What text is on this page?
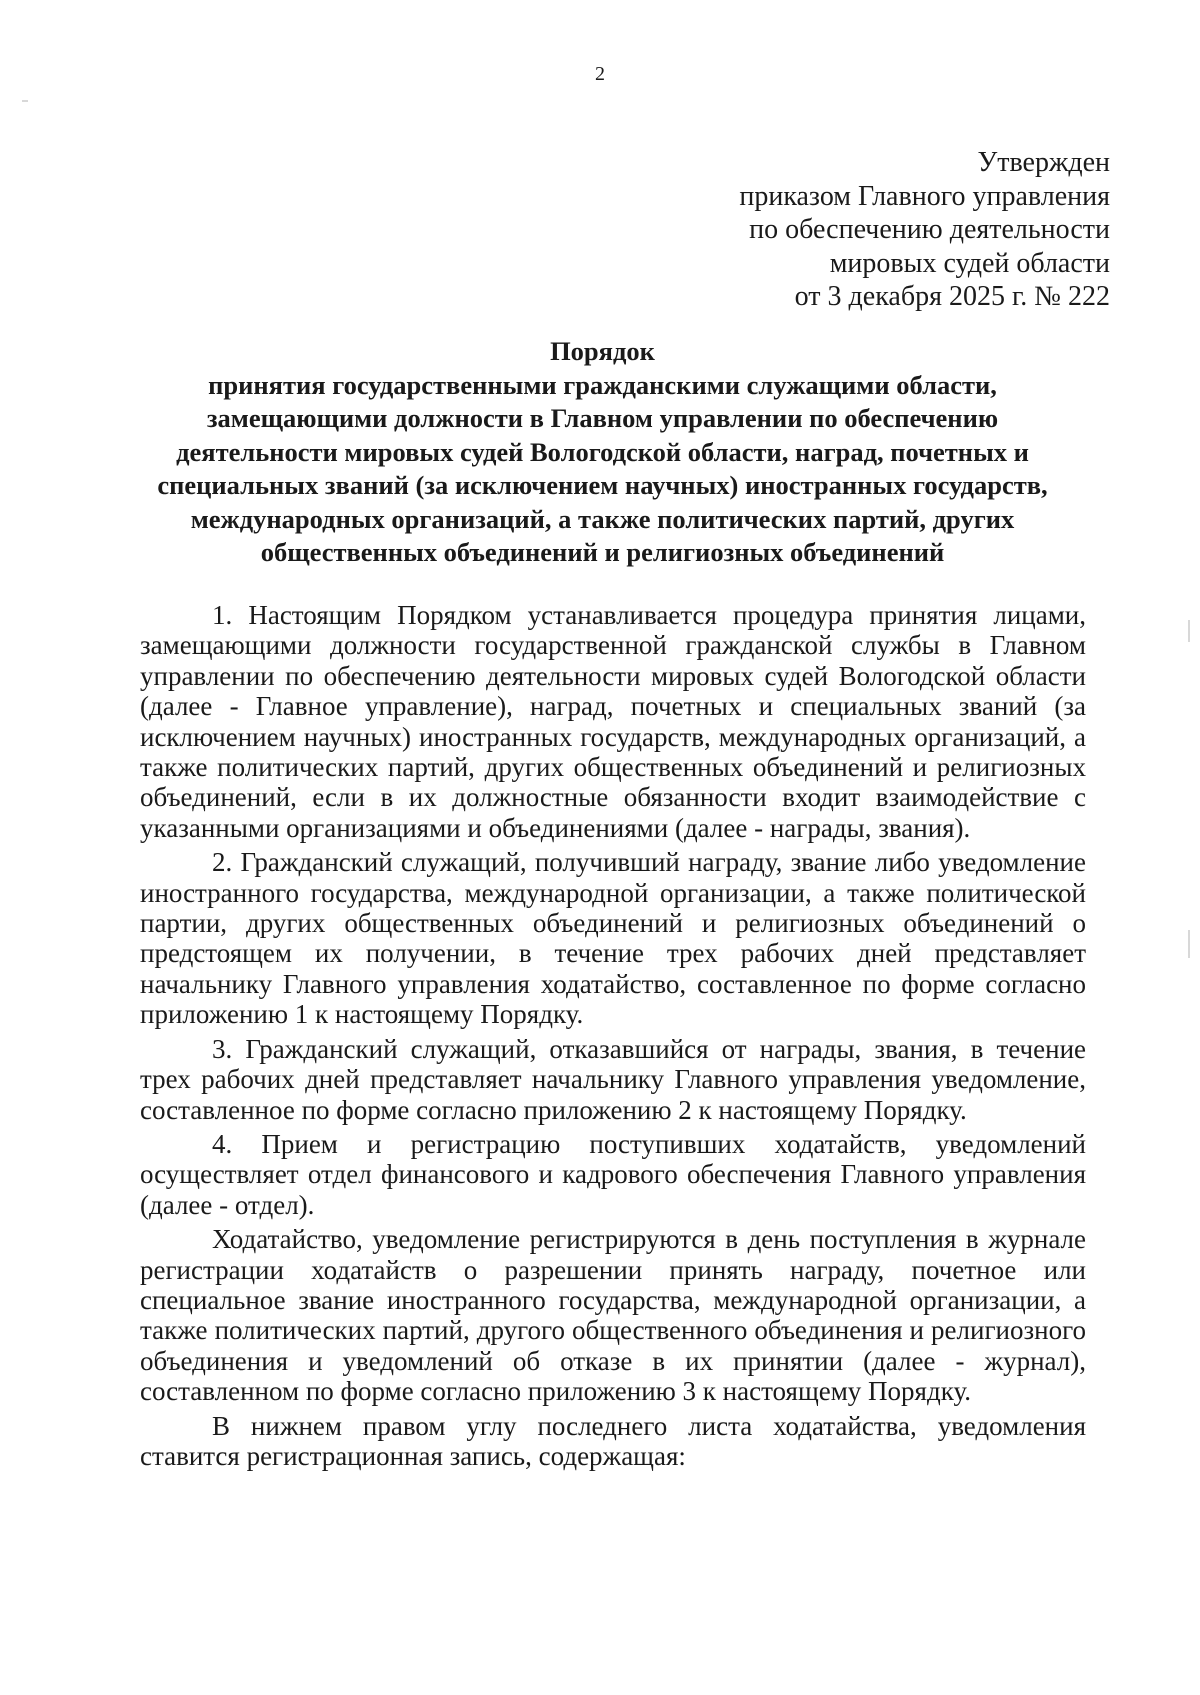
2
Утвержден
приказом Главного управления
по обеспечению деятельности
мировых судей области
от 3 декабря 2025 г. № 222
Порядок
принятия государственными гражданскими служащими области,
замещающими должности в Главном управлении по обеспечению
деятельности мировых судей Вологодской области, наград, почетных и
специальных званий (за исключением научных) иностранных государств,
международных организаций, а также политических партий, других
общественных объединений и религиозных объединений

1. Настоящим Порядком устанавливается процедура принятия лицами, замещающими должности государственной гражданской службы в Главном управлении по обеспечению деятельности мировых судей Вологодской области (далее - Главное управление), наград, почетных и специальных званий (за исключением научных) иностранных государств, международных организаций, а также политических партий, других общественных объединений и религиозных объединений, если в их должностные обязанности входит взаимодействие с указанными организациями и объединениями (далее - награды, звания).

2. Гражданский служащий, получивший награду, звание либо уведомление иностранного государства, международной организации, а также политической партии, других общественных объединений и религиозных объединений о предстоящем их получении, в течение трех рабочих дней представляет начальнику Главного управления ходатайство, составленное по форме согласно приложению 1 к настоящему Порядку.

3. Гражданский служащий, отказавшийся от награды, звания, в течение трех рабочих дней представляет начальнику Главного управления уведомление, составленное по форме согласно приложению 2 к настоящему Порядку.

4. Прием и регистрацию поступивших ходатайств, уведомлений осуществляет отдел финансового и кадрового обеспечения Главного управления (далее - отдел).

Ходатайство, уведомление регистрируются в день поступления в журнале регистрации ходатайств о разрешении принять награду, почетное или специальное звание иностранного государства, международной организации, а также политических партий, другого общественного объединения и религиозного объединения и уведомлений об отказе в их принятии (далее - журнал), составленном по форме согласно приложению 3 к настоящему Порядку.

В нижнем правом углу последнего листа ходатайства, уведомления ставится регистрационная запись, содержащая:
